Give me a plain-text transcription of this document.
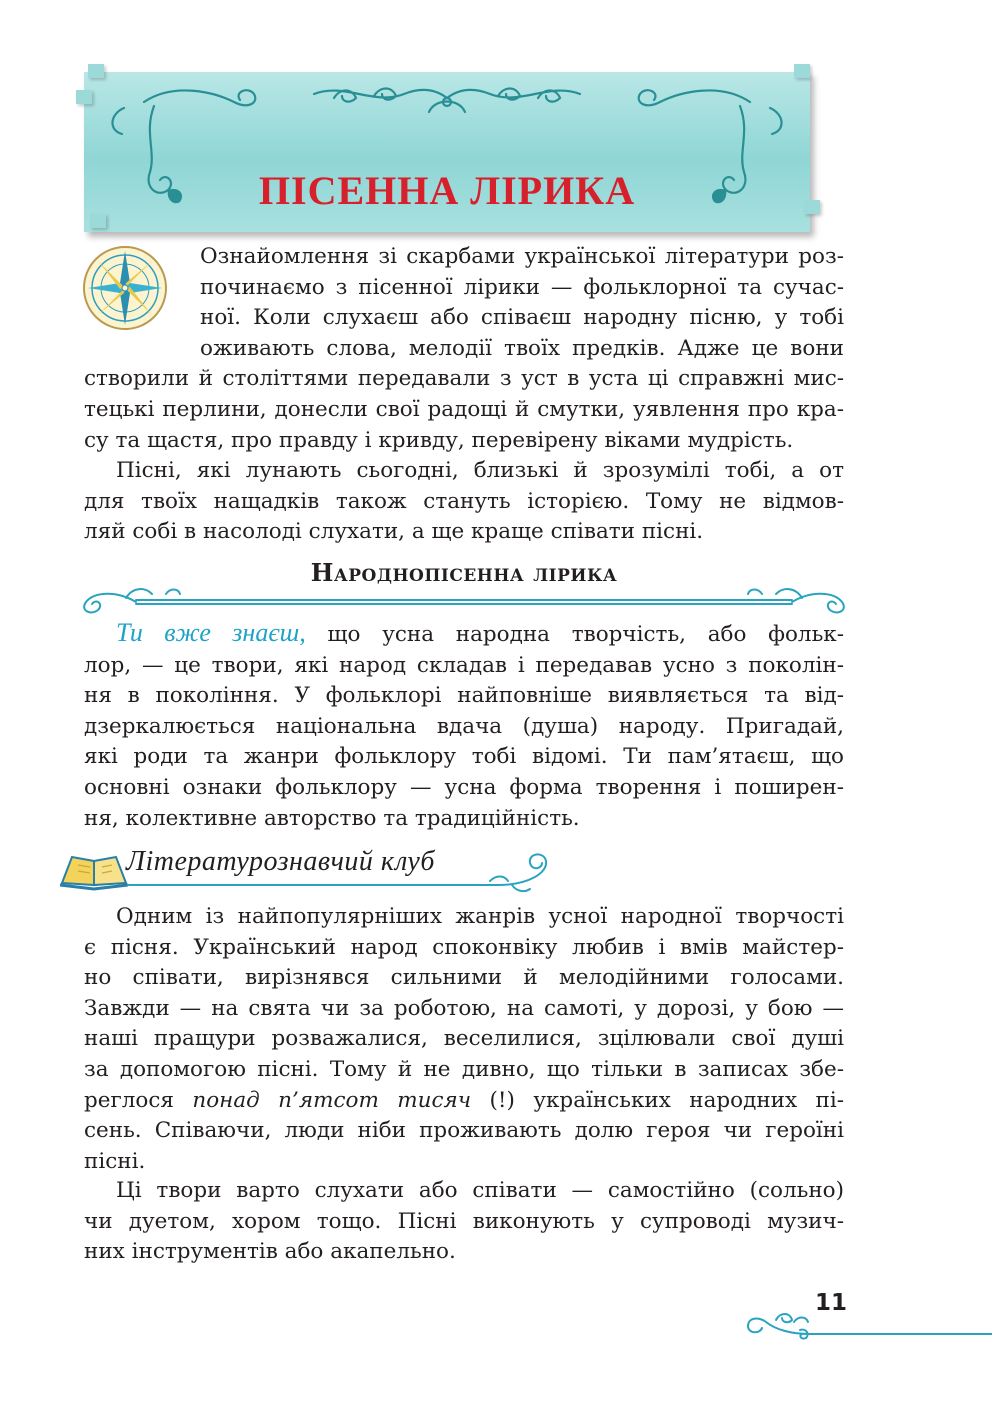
ПІСЕННА ЛІРИКА
Ознайомлення зі скарбами української літератури роз-
починаємо з пісенної лірики — фольклорної та сучас-
ної. Коли слухаєш або співаєш народну пісню, у тобі
оживають слова, мелодії твоїх предків. Адже це вони
створили й століттями передавали з уст в уста ці справжні мис-
тецькі перлини, донесли свої радощі й смутки, уявлення про кра-
су та щастя, про правду і кривду, перевірену віками мудрість.
Пісні, які лунають сьогодні, близькі й зрозумілі тобі, а от
для твоїх нащадків також стануть історією. Тому не відмов-
ляй собі в насолоді слухати, а ще краще співати пісні.
Народнопісенна лірика
Ти вже знаєш, що усна народна творчість, або фольк-
лор, — це твори, які народ складав і передавав усно з поколін-
ня в покоління. У фольклорі найповніше виявляється та від-
дзеркалюється національна вдача (душа) народу. Пригадай,
які роди та жанри фольклору тобі відомі. Ти пам’ятаєш, що
основні ознаки фольклору — усна форма творення і поширен-
ня, колективне авторство та традиційність.

Літературознавчий клуб

Одним із найпопулярніших жанрів усної народної творчості
є пісня. Український народ споконвіку любив і вмів майстер-
но співати, вирізнявся сильними й мелодійними голосами.
Завжди — на свята чи за роботою, на самоті, у дорозі, у бою —
наші пращури розважалися, веселилися, зцілювали свої душі
за допомогою пісні. Тому й не дивно, що тільки в записах збе-
реглося понад п’ятсот тисяч (!) українських народних пі-
сень. Співаючи, люди ніби проживають долю героя чи героїні
пісні.
Ці твори варто слухати або співати — самостійно (сольно)
чи дуетом, хором тощо. Пісні виконують у супроводі музич-
них інструментів або акапельно.

11
